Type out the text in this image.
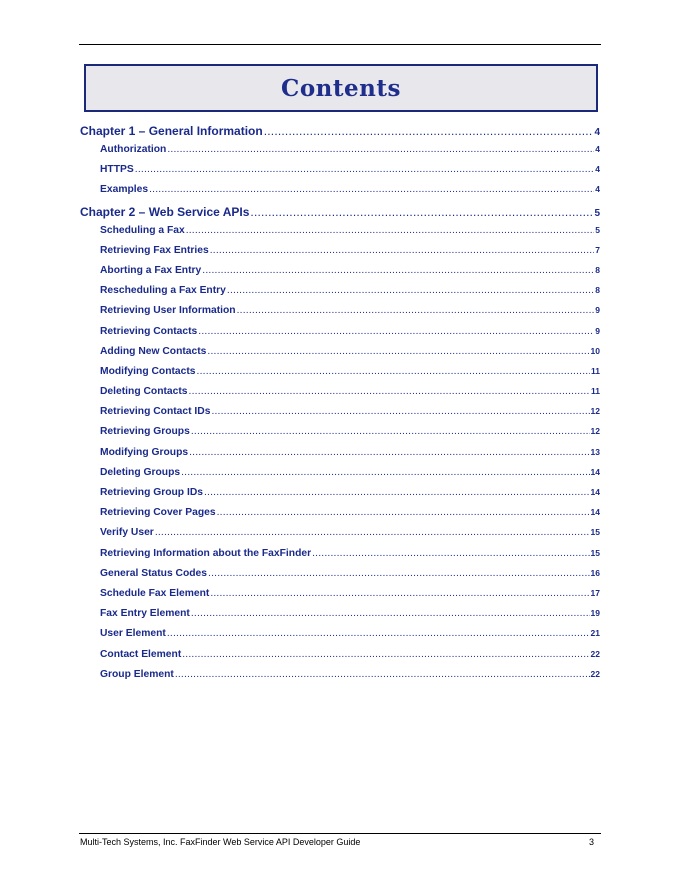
Contents
Chapter 1 – General Information .....	4
Authorization .....	4
HTTPS .....	4
Examples .....	4
Chapter 2 – Web Service APIs .....	5
Scheduling a Fax .....	5
Retrieving Fax Entries .....	7
Aborting a Fax Entry .....	8
Rescheduling a Fax Entry .....	8
Retrieving User Information .....	9
Retrieving Contacts .....	9
Adding New Contacts .....	10
Modifying Contacts .....	11
Deleting Contacts .....	11
Retrieving Contact IDs .....	12
Retrieving Groups .....	12
Modifying Groups .....	13
Deleting Groups .....	14
Retrieving Group IDs .....	14
Retrieving Cover Pages .....	14
Verify User .....	15
Retrieving Information about the FaxFinder .....	15
General Status Codes .....	16
Schedule Fax Element .....	17
Fax Entry Element .....	19
User Element .....	21
Contact Element .....	22
Group Element .....	22
Multi-Tech Systems, Inc. FaxFinder Web Service API Developer Guide	3
